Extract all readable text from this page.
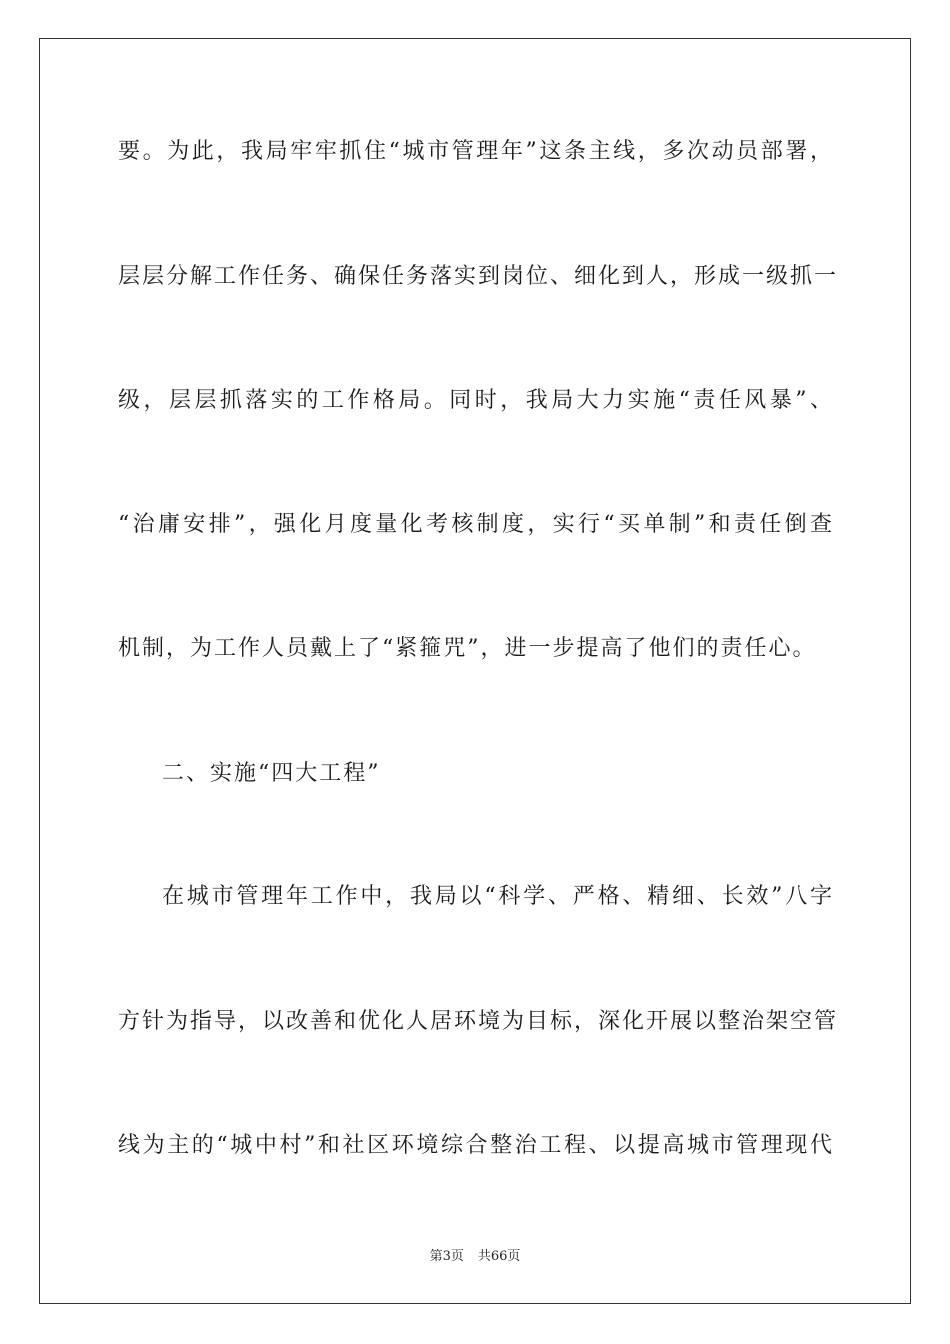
要。为此，我局牢牢抓住“城市管理年”这条主线，多次动员部署，
层层分解工作任务、确保任务落实到岗位、细化到人，形成一级抓一
级，层层抓落实的工作格局。同时，我局大力实施“责任风暴”、
“治庸安排”，强化月度量化考核制度，实行“买单制”和责任倒查
机制，为工作人员戴上了“紧箍咒”，进一步提高了他们的责任心。
二、实施“四大工程”
在城市管理年工作中，我局以“科学、严格、精细、长效”八字
方针为指导，以改善和优化人居环境为目标，深化开展以整治架空管
线为主的“城中村”和社区环境综合整治工程、以提高城市管理现代
第3页 共66页
